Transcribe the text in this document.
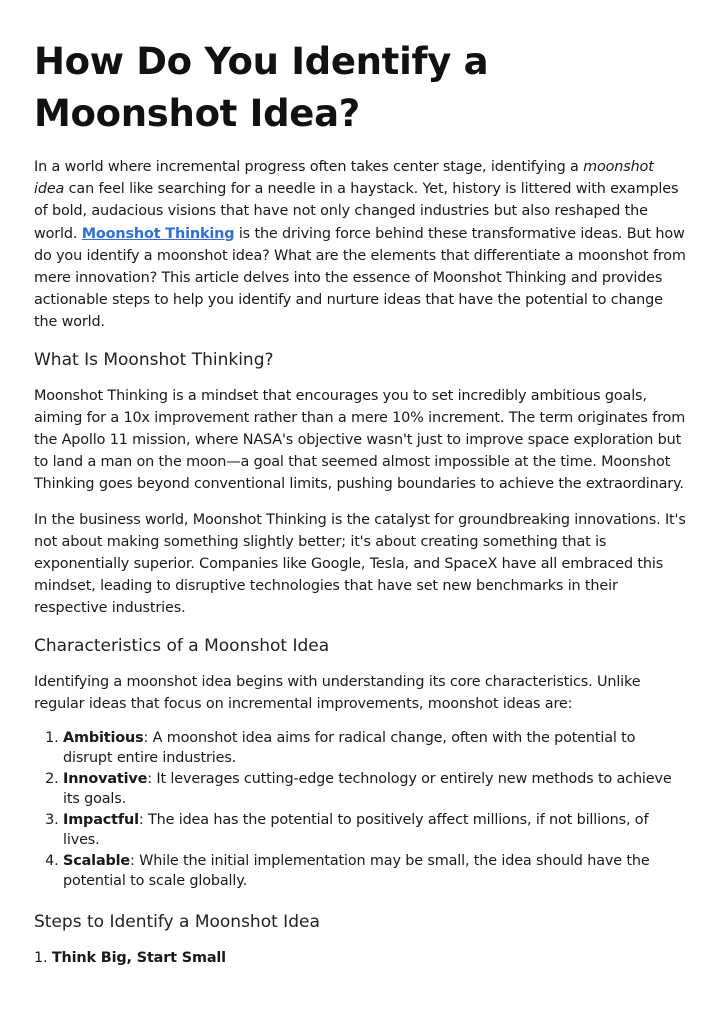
How Do You Identify a Moonshot Idea?

In a world where incremental progress often takes center stage, identifying a moonshot idea can feel like searching for a needle in a haystack. Yet, history is littered with examples of bold, audacious visions that have not only changed industries but also reshaped the world. Moonshot Thinking is the driving force behind these transformative ideas. But how do you identify a moonshot idea? What are the elements that differentiate a moonshot from mere innovation? This article delves into the essence of Moonshot Thinking and provides actionable steps to help you identify and nurture ideas that have the potential to change the world.

What Is Moonshot Thinking?

Moonshot Thinking is a mindset that encourages you to set incredibly ambitious goals, aiming for a 10x improvement rather than a mere 10% increment. The term originates from the Apollo 11 mission, where NASA's objective wasn't just to improve space exploration but to land a man on the moon—a goal that seemed almost impossible at the time. Moonshot Thinking goes beyond conventional limits, pushing boundaries to achieve the extraordinary.

In the business world, Moonshot Thinking is the catalyst for groundbreaking innovations. It's not about making something slightly better; it's about creating something that is exponentially superior. Companies like Google, Tesla, and SpaceX have all embraced this mindset, leading to disruptive technologies that have set new benchmarks in their respective industries.

Characteristics of a Moonshot Idea

Identifying a moonshot idea begins with understanding its core characteristics. Unlike regular ideas that focus on incremental improvements, moonshot ideas are:

1. Ambitious: A moonshot idea aims for radical change, often with the potential to disrupt entire industries.
2. Innovative: It leverages cutting-edge technology or entirely new methods to achieve its goals.
3. Impactful: The idea has the potential to positively affect millions, if not billions, of lives.
4. Scalable: While the initial implementation may be small, the idea should have the potential to scale globally.
Steps to Identify a Moonshot Idea

1. Think Big, Start Small
